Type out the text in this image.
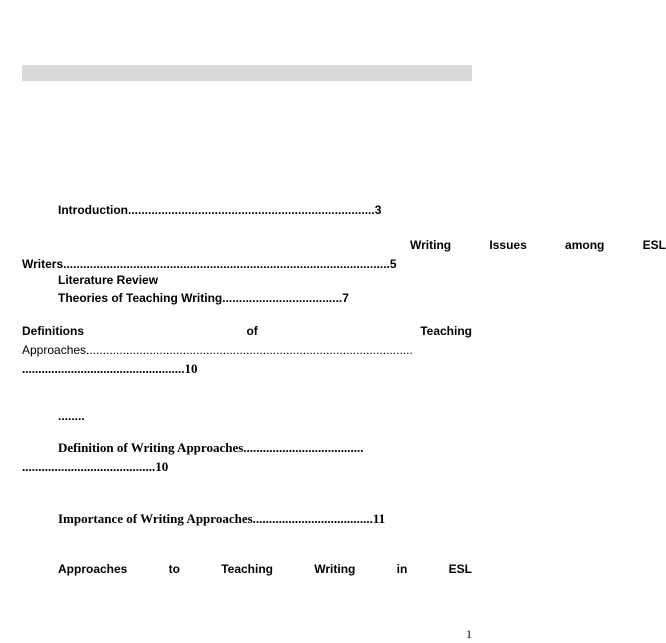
Introduction..........................................................................3
Writing	Issues	among	ESL
Writers..................................................................................................5
Literature Review
Theories of Teaching Writing....................................7
Definitions	of	Teaching
Approaches..................................................................................................
..................................................10
........
Definition of Writing Approaches.....................................
.........................................10
Importance of Writing Approaches.....................................11
Approaches	to	Teaching	Writing	in	ESL
1
